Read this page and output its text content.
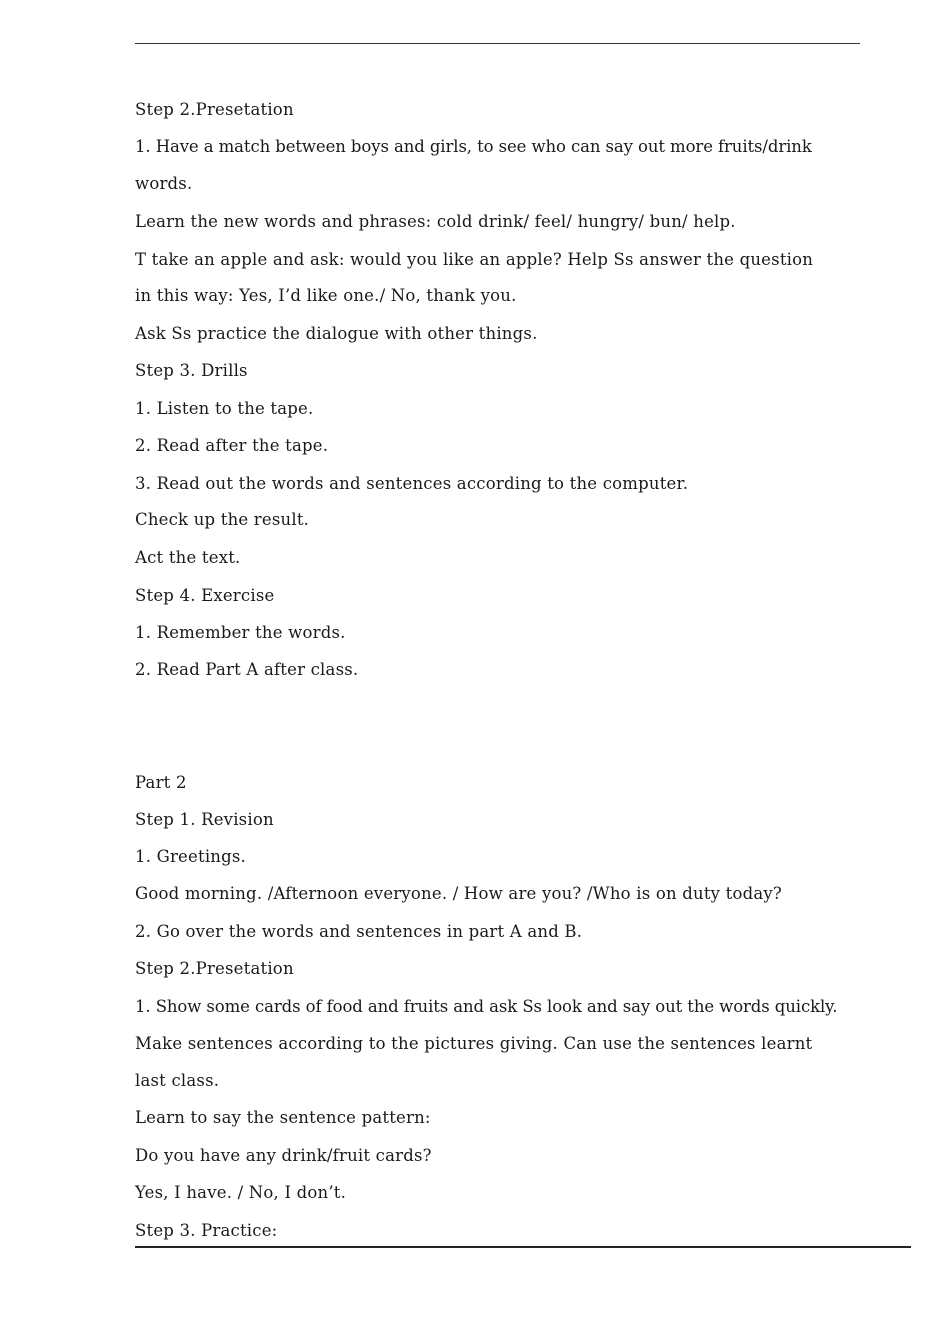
Step 2.Presetation
1. Have a match between boys and girls, to see who can say out more fruits/drink
words.
Learn the new words and phrases: cold drink/ feel/ hungry/ bun/ help.
T take an apple and ask: would you like an apple? Help Ss answer the question
in this way: Yes, I’d like one./ No, thank you.
Ask Ss practice the dialogue with other things.
Step 3. Drills
1. Listen to the tape.
2. Read after the tape.
3. Read out the words and sentences according to the computer.
Check up the result.
Act the text.
Step 4. Exercise
1. Remember the words.
2. Read Part A after class.
Part 2
Step 1. Revision
1. Greetings.
Good morning. /Afternoon everyone. / How are you? /Who is on duty today?
2. Go over the words and sentences in part A and B.
Step 2.Presetation
1. Show some cards of food and fruits and ask Ss look and say out the words quickly.
Make sentences according to the pictures giving. Can use the sentences learnt
last class.
Learn to say the sentence pattern:
Do you have any drink/fruit cards?
Yes, I have. / No, I don’t.
Step 3. Practice:
